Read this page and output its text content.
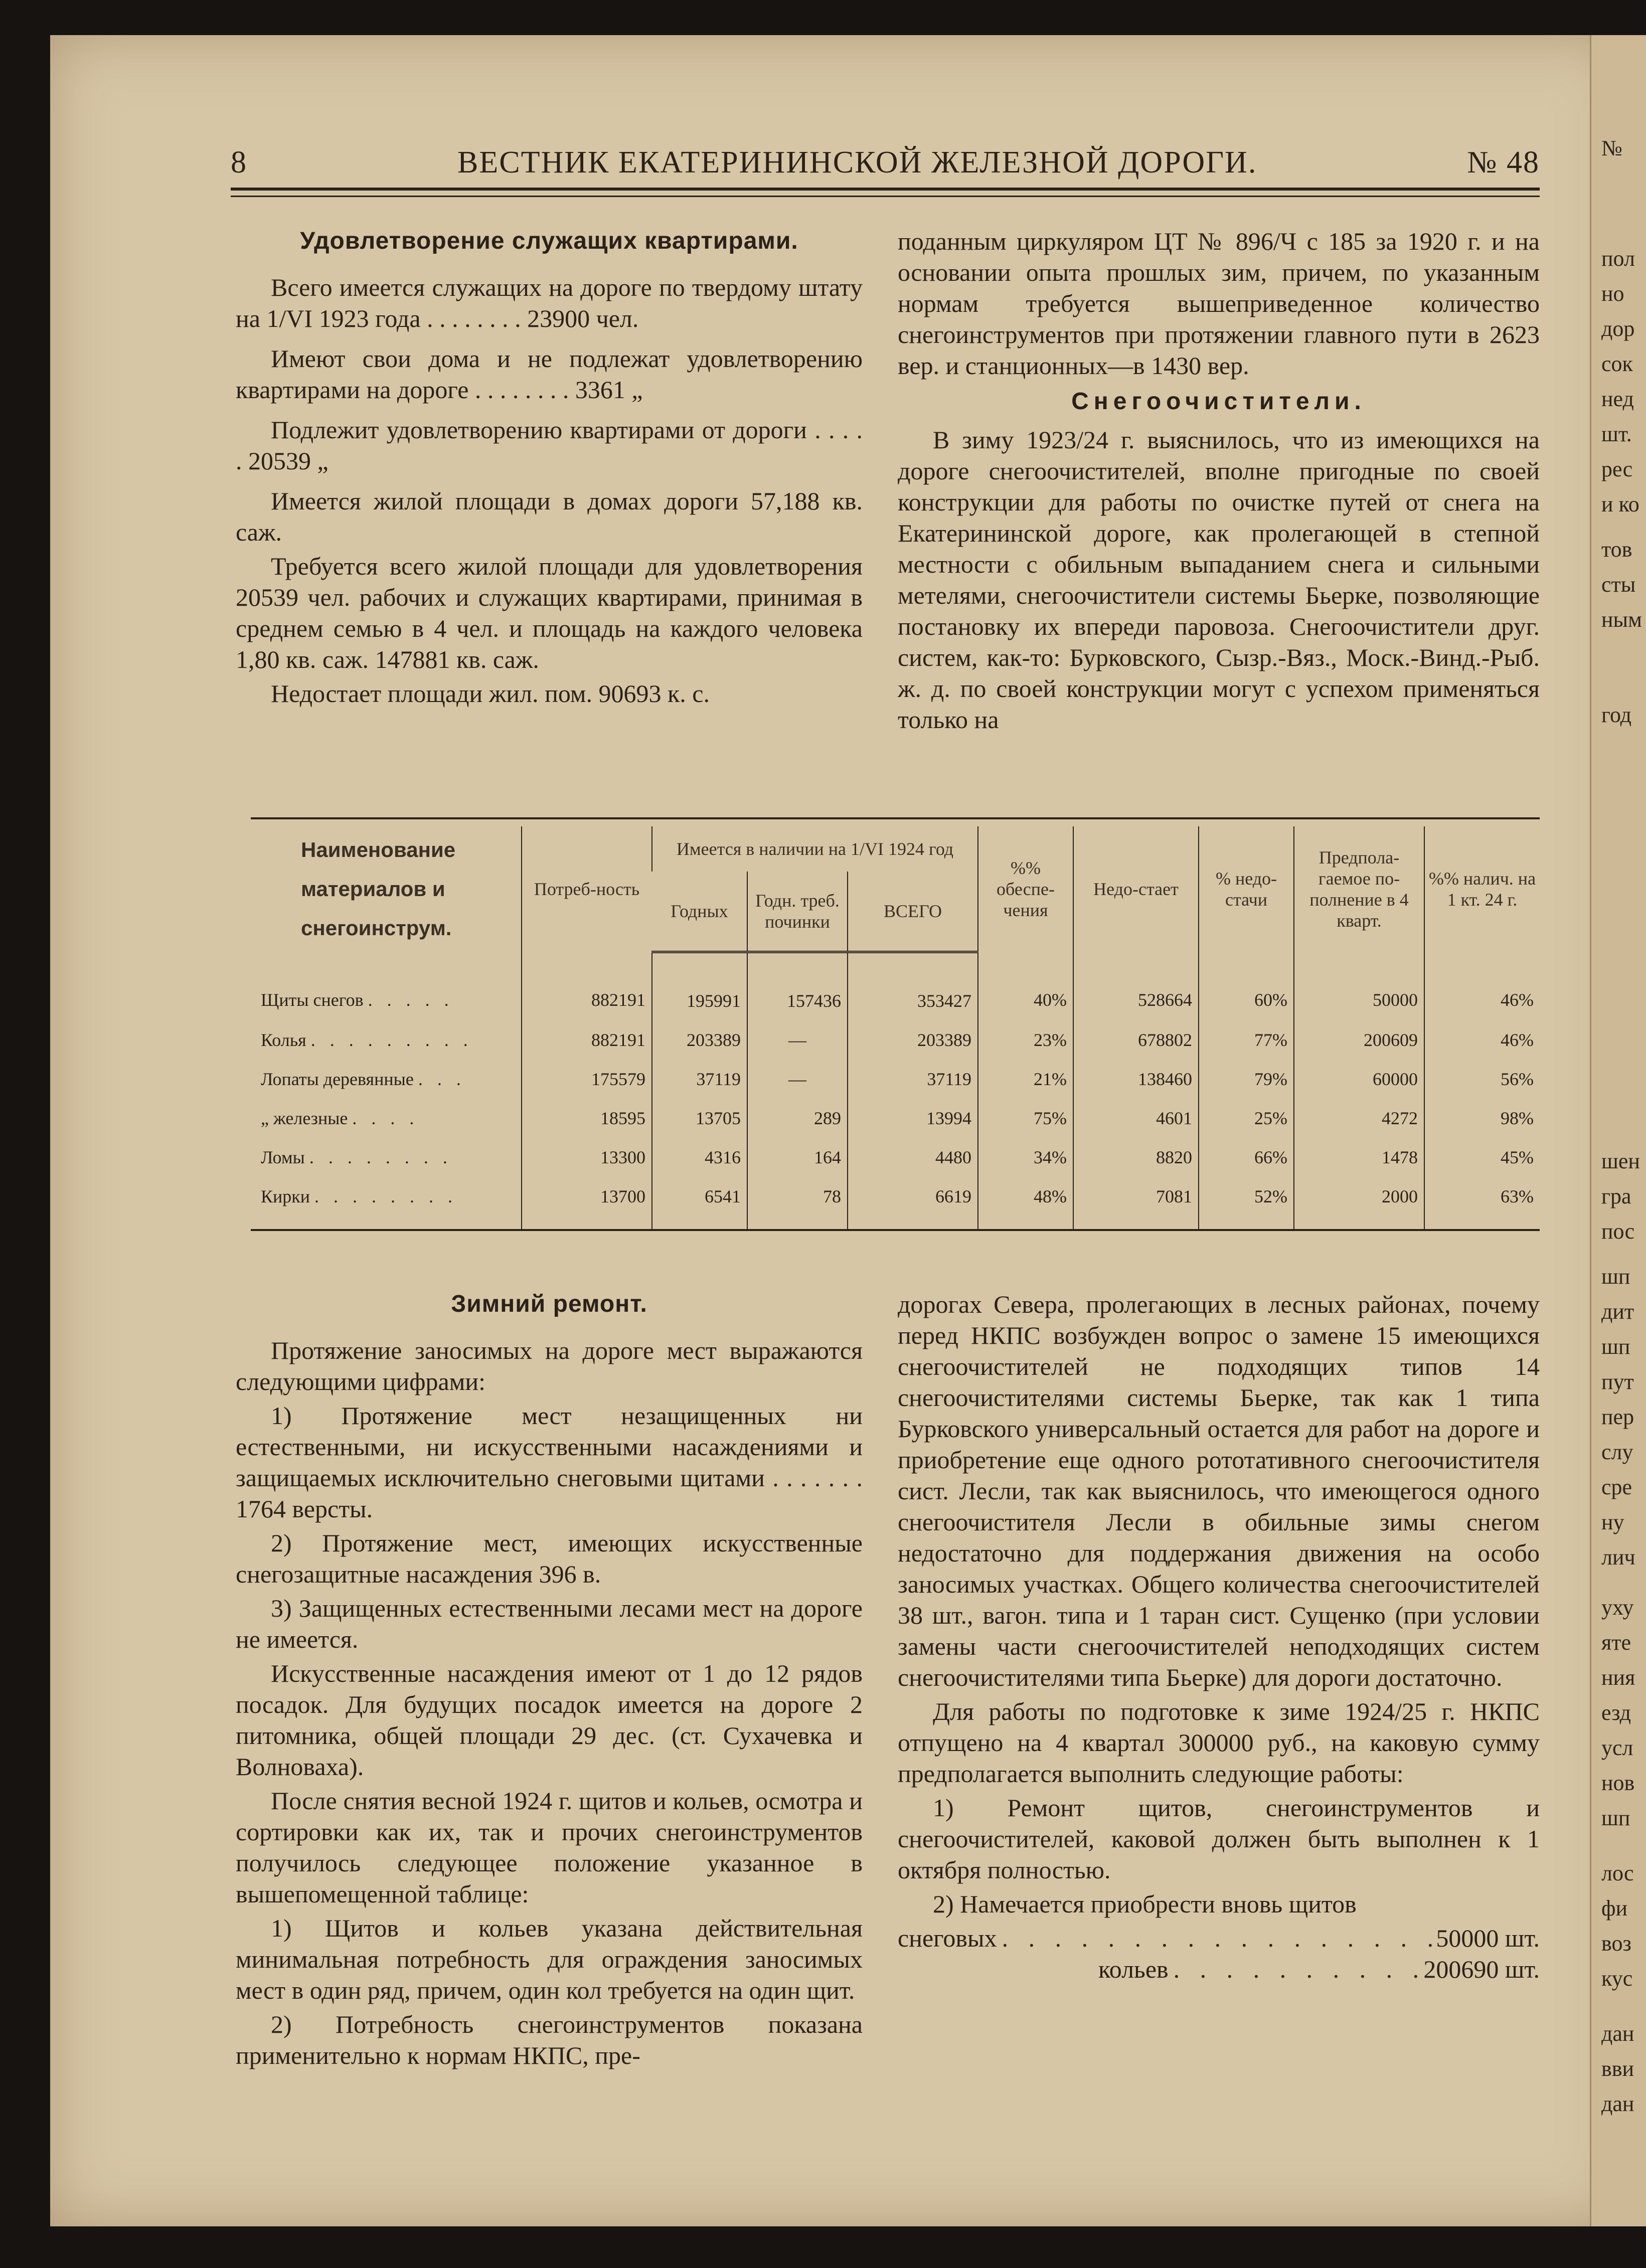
8	ВЕСТНИК ЕКАТЕРИНИНСКОЙ ЖЕЛЕЗНОЙ ДОРОГИ.	№ 48
Удовлетворение служащих квартирами.

Всего имеется служащих на дороге по твердому штату на 1/VI 1923 года . . . . . . . . 23900 чел.

Имеют свои дома и не подлежат удовлетворению квартирами на дороге . . . . . . . . 3361 „

Подлежит удовлетворению квартирами от дороги . . . . . 20539 „

Имеется жилой площади в домах дороги 57,188 кв. саж.

Требуется всего жилой площади для удовлетворения 20539 чел. рабочих и служащих квартирами, принимая в среднем семью в 4 чел. и площадь на каждого человека 1,80 кв. саж. 147881 кв. саж.

Недостает площади жил. пом. 90693 к. с.

поданным циркуляром ЦТ № 896/Ч с 185 за 1920 г. и на основании опыта прошлых зим, причем, по указанным нормам требуется вышеприведенное количество снегоинструментов при протяжении главного пути в 2623 вер. и станционных—в 1430 вер.

Снегоочистители.

В зиму 1923/24 г. выяснилось, что из имеющихся на дороге снегоочистителей, вполне пригодные по своей конструкции для работы по очистке путей от снега на Екатерининской дороге, как пролегающей в степной местности с обильным выпаданием снега и сильными метелями, снегоочистители системы Бьерке, позволяющие постановку их впереди паровоза. Снегоочистители друг. систем, как-то: Бурковского, Сызр.-Вяз., Моск.-Винд.-Рыб. ж. д. по своей конструкции могут с успехом применяться только на

Наименование
материалов и
снегоинструм.	Потреб-ность	Имеется в наличии на 1/VI 1924 год			%% обеспе-чения	Недо-стает	% недо-стачи	Предпола-гаемое по-полнение в 4 кварт.	%% налич. на 1 кт. 24 г.
		Годных	Годн. треб. починки	ВСЕГО					
Щиты снегов . . . . .	882191	195991	157436	353427	40%	528664	60%	50000	46%
Колья . . . . . . . . .	882191	203389	—	203389	23%	678802	77%	200609	46%
Лопаты деревянные . . .	175579	37119	—	37119	21%	138460	79%	60000	56%
„ железные . . . .	18595	13705	289	13994	75%	4601	25%	4272	98%
Ломы . . . . . . . .	13300	4316	164	4480	34%	8820	66%	1478	45%
Кирки . . . . . . . .	13700	6541	78	6619	48%	7081	52%	2000	63%
Зимний ремонт.

Протяжение заносимых на дороге мест выражаются следующими цифрами:

1) Протяжение мест незащищенных ни естественными, ни искусственными насаждениями и защищаемых исключительно снеговыми щитами . . . . . . . 1764 версты.

2) Протяжение мест, имеющих искусственные снегозащитные насаждения 396 в.

3) Защищенных естественными лесами мест на дороге не имеется.

Искусственные насаждения имеют от 1 до 12 рядов посадок. Для будущих посадок имеется на дороге 2 питомника, общей площади 29 дес. (ст. Сухачевка и Волноваха).

После снятия весной 1924 г. щитов и кольев, осмотра и сортировки как их, так и прочих снегоинструментов получилось следующее положение указанное в вышепомещенной таблице:

1) Щитов и кольев указана действительная минимальная потребность для ограждения заносимых мест в один ряд, причем, один кол требуется на один щит.

2) Потребность снегоинструментов показана применительно к нормам НКПС, пре-

дорогах Севера, пролегающих в лесных районах, почему перед НКПС возбужден вопрос о замене 15 имеющихся снегоочистителей не подходящих типов 14 снегоочистителями системы Бьерке, так как 1 типа Бурковского универсальный остается для работ на дороге и приобретение еще одного рототативного снегоочистителя сист. Лесли, так как выяснилось, что имеющегося одного снегоочистителя Лесли в обильные зимы снегом недостаточно для поддержания движения на особо заносимых участках. Общего количества снегоочистителей 38 шт., вагон. типа и 1 таран сист. Сущенко (при условии замены части снегоочистителей неподходящих систем снегоочистителями типа Бьерке) для дороги достаточно.

Для работы по подготовке к зиме 1924/25 г. НКПС отпущено на 4 квартал 300000 руб., на каковую сумму предполагается выполнить следующие работы:

1) Ремонт щитов, снегоинструментов и снегоочистителей, каковой должен быть выполнен к 1 октября полностью.

2) Намечается приобрести вновь щитов

снеговых . . .	50000 шт.
кольев . . .	200690 шт.
№
пол
но
дор
сок
нед
шт.
рес
и ко
тов
сты
ным
год
шен
гра
пос
шп
дит
шп
пут
пер
слу
сре
ну
лич
уху
яте
ния
езд
усл
нов
шп
лос
фи
воз
кус
дан
вви
дан
